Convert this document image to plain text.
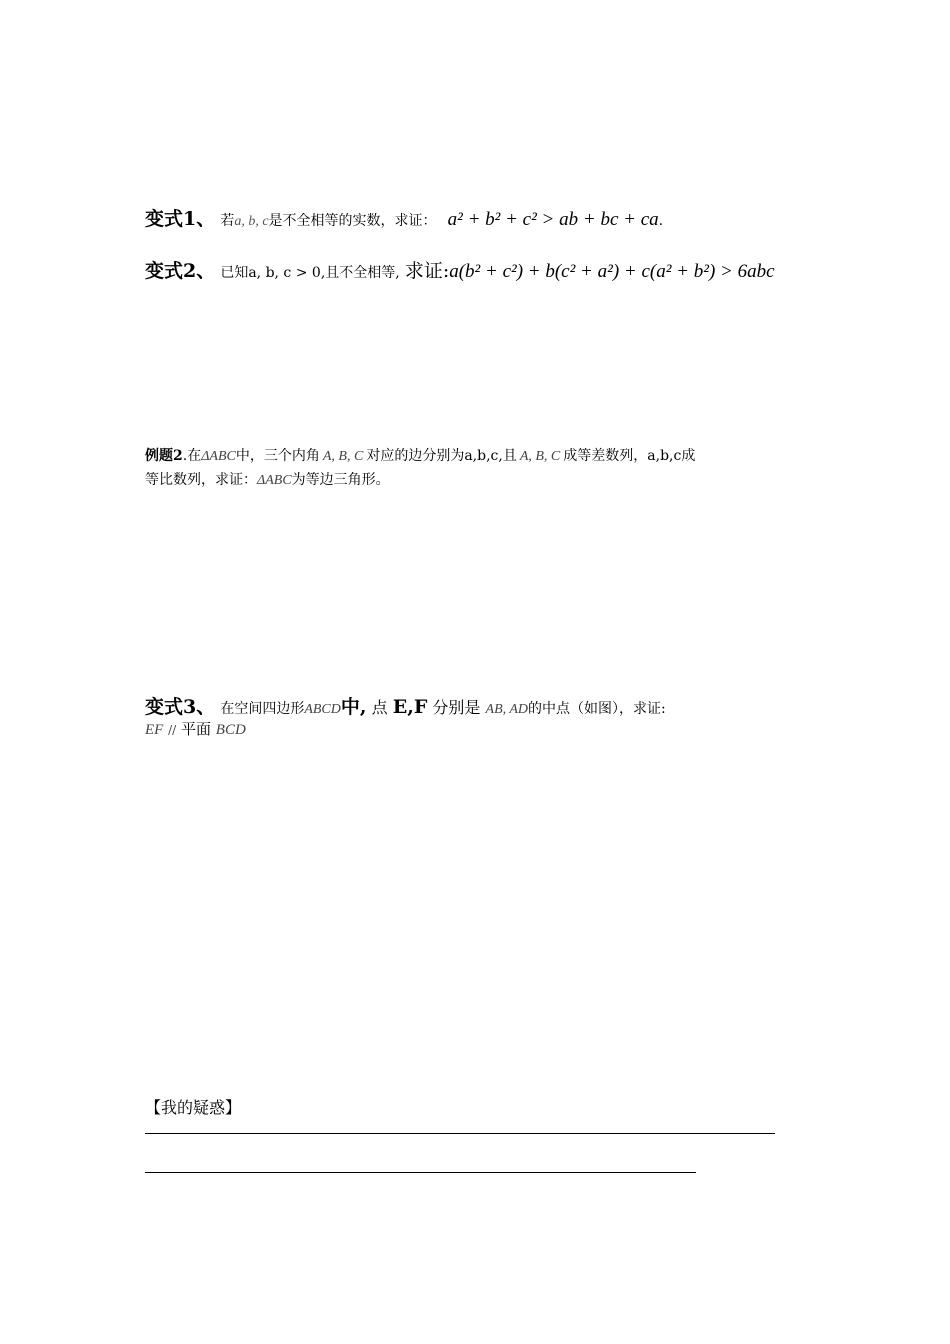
变式1、 若a, b, c是不全相等的实数，求证： a² + b² + c² > ab + bc + ca.
变式2、 已知a, b, c > 0,且不全相等, 求证:a(b² + c²) + b(c² + a²) + c(a² + b²) > 6abc
例题2.在ΔABC中，三个内角 A, B, C 对应的边分别为a,b,c,且 A, B, C 成等差数列，a,b,c成
等比数列，求证：ΔABC为等边三角形。
变式3、 在空间四边形ABCD中, 点 E,F 分别是 AB, AD的中点（如图），求证:
EF // 平面 BCD
【我的疑惑】
